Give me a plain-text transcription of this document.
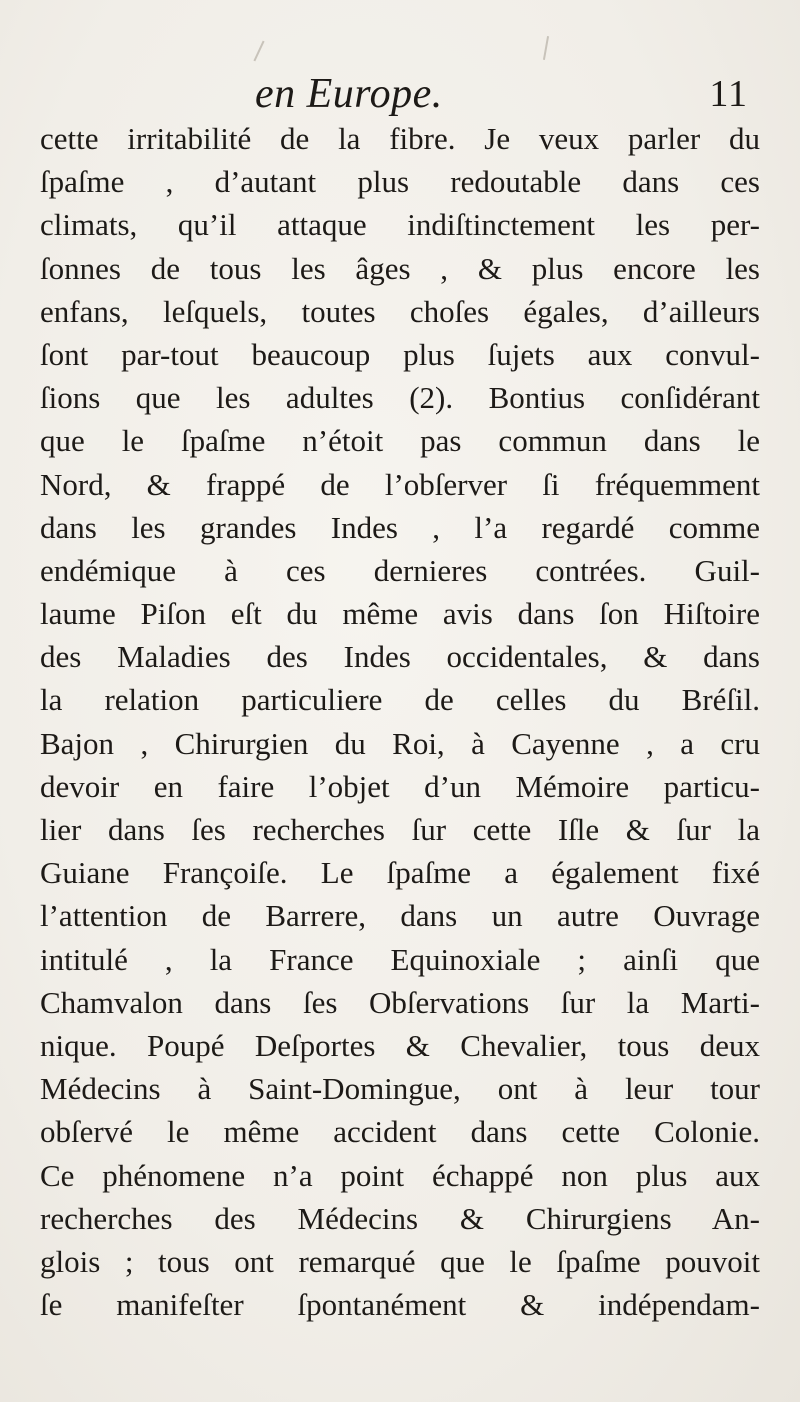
en Europe.	11
cette irritabilité de la fibre. Je veux parler du
ſpaſme , d’autant plus redoutable dans ces
climats, qu’il attaque indiſtinctement les per-
ſonnes de tous les âges , & plus encore les
enfans, leſquels, toutes choſes égales, d’ailleurs
ſont par-tout beaucoup plus ſujets aux convul-
ſions que les adultes (2). Bontius conſidérant
que le ſpaſme n’étoit pas commun dans le
Nord, & frappé de l’obſerver ſi fréquemment
dans les grandes Indes , l’a regardé comme
endémique à ces dernieres contrées. Guil-
laume Piſon eſt du même avis dans ſon Hiſtoire
des Maladies des Indes occidentales, & dans
la relation particuliere de celles du Bréſil.
Bajon , Chirurgien du Roi, à Cayenne , a cru
devoir en faire l’objet d’un Mémoire particu-
lier dans ſes recherches ſur cette Iſle & ſur la
Guiane Françoiſe. Le ſpaſme a également fixé
l’attention de Barrere, dans un autre Ouvrage
intitulé , la France Equinoxiale ; ainſi que
Chamvalon dans ſes Obſervations ſur la Marti-
nique. Poupé Deſportes & Chevalier, tous deux
Médecins à Saint-Domingue, ont à leur tour
obſervé le même accident dans cette Colonie.
Ce phénomene n’a point échappé non plus aux
recherches des Médecins & Chirurgiens An-
glois ; tous ont remarqué que le ſpaſme pouvoit
ſe manifeſter ſpontanément & indépendam-
